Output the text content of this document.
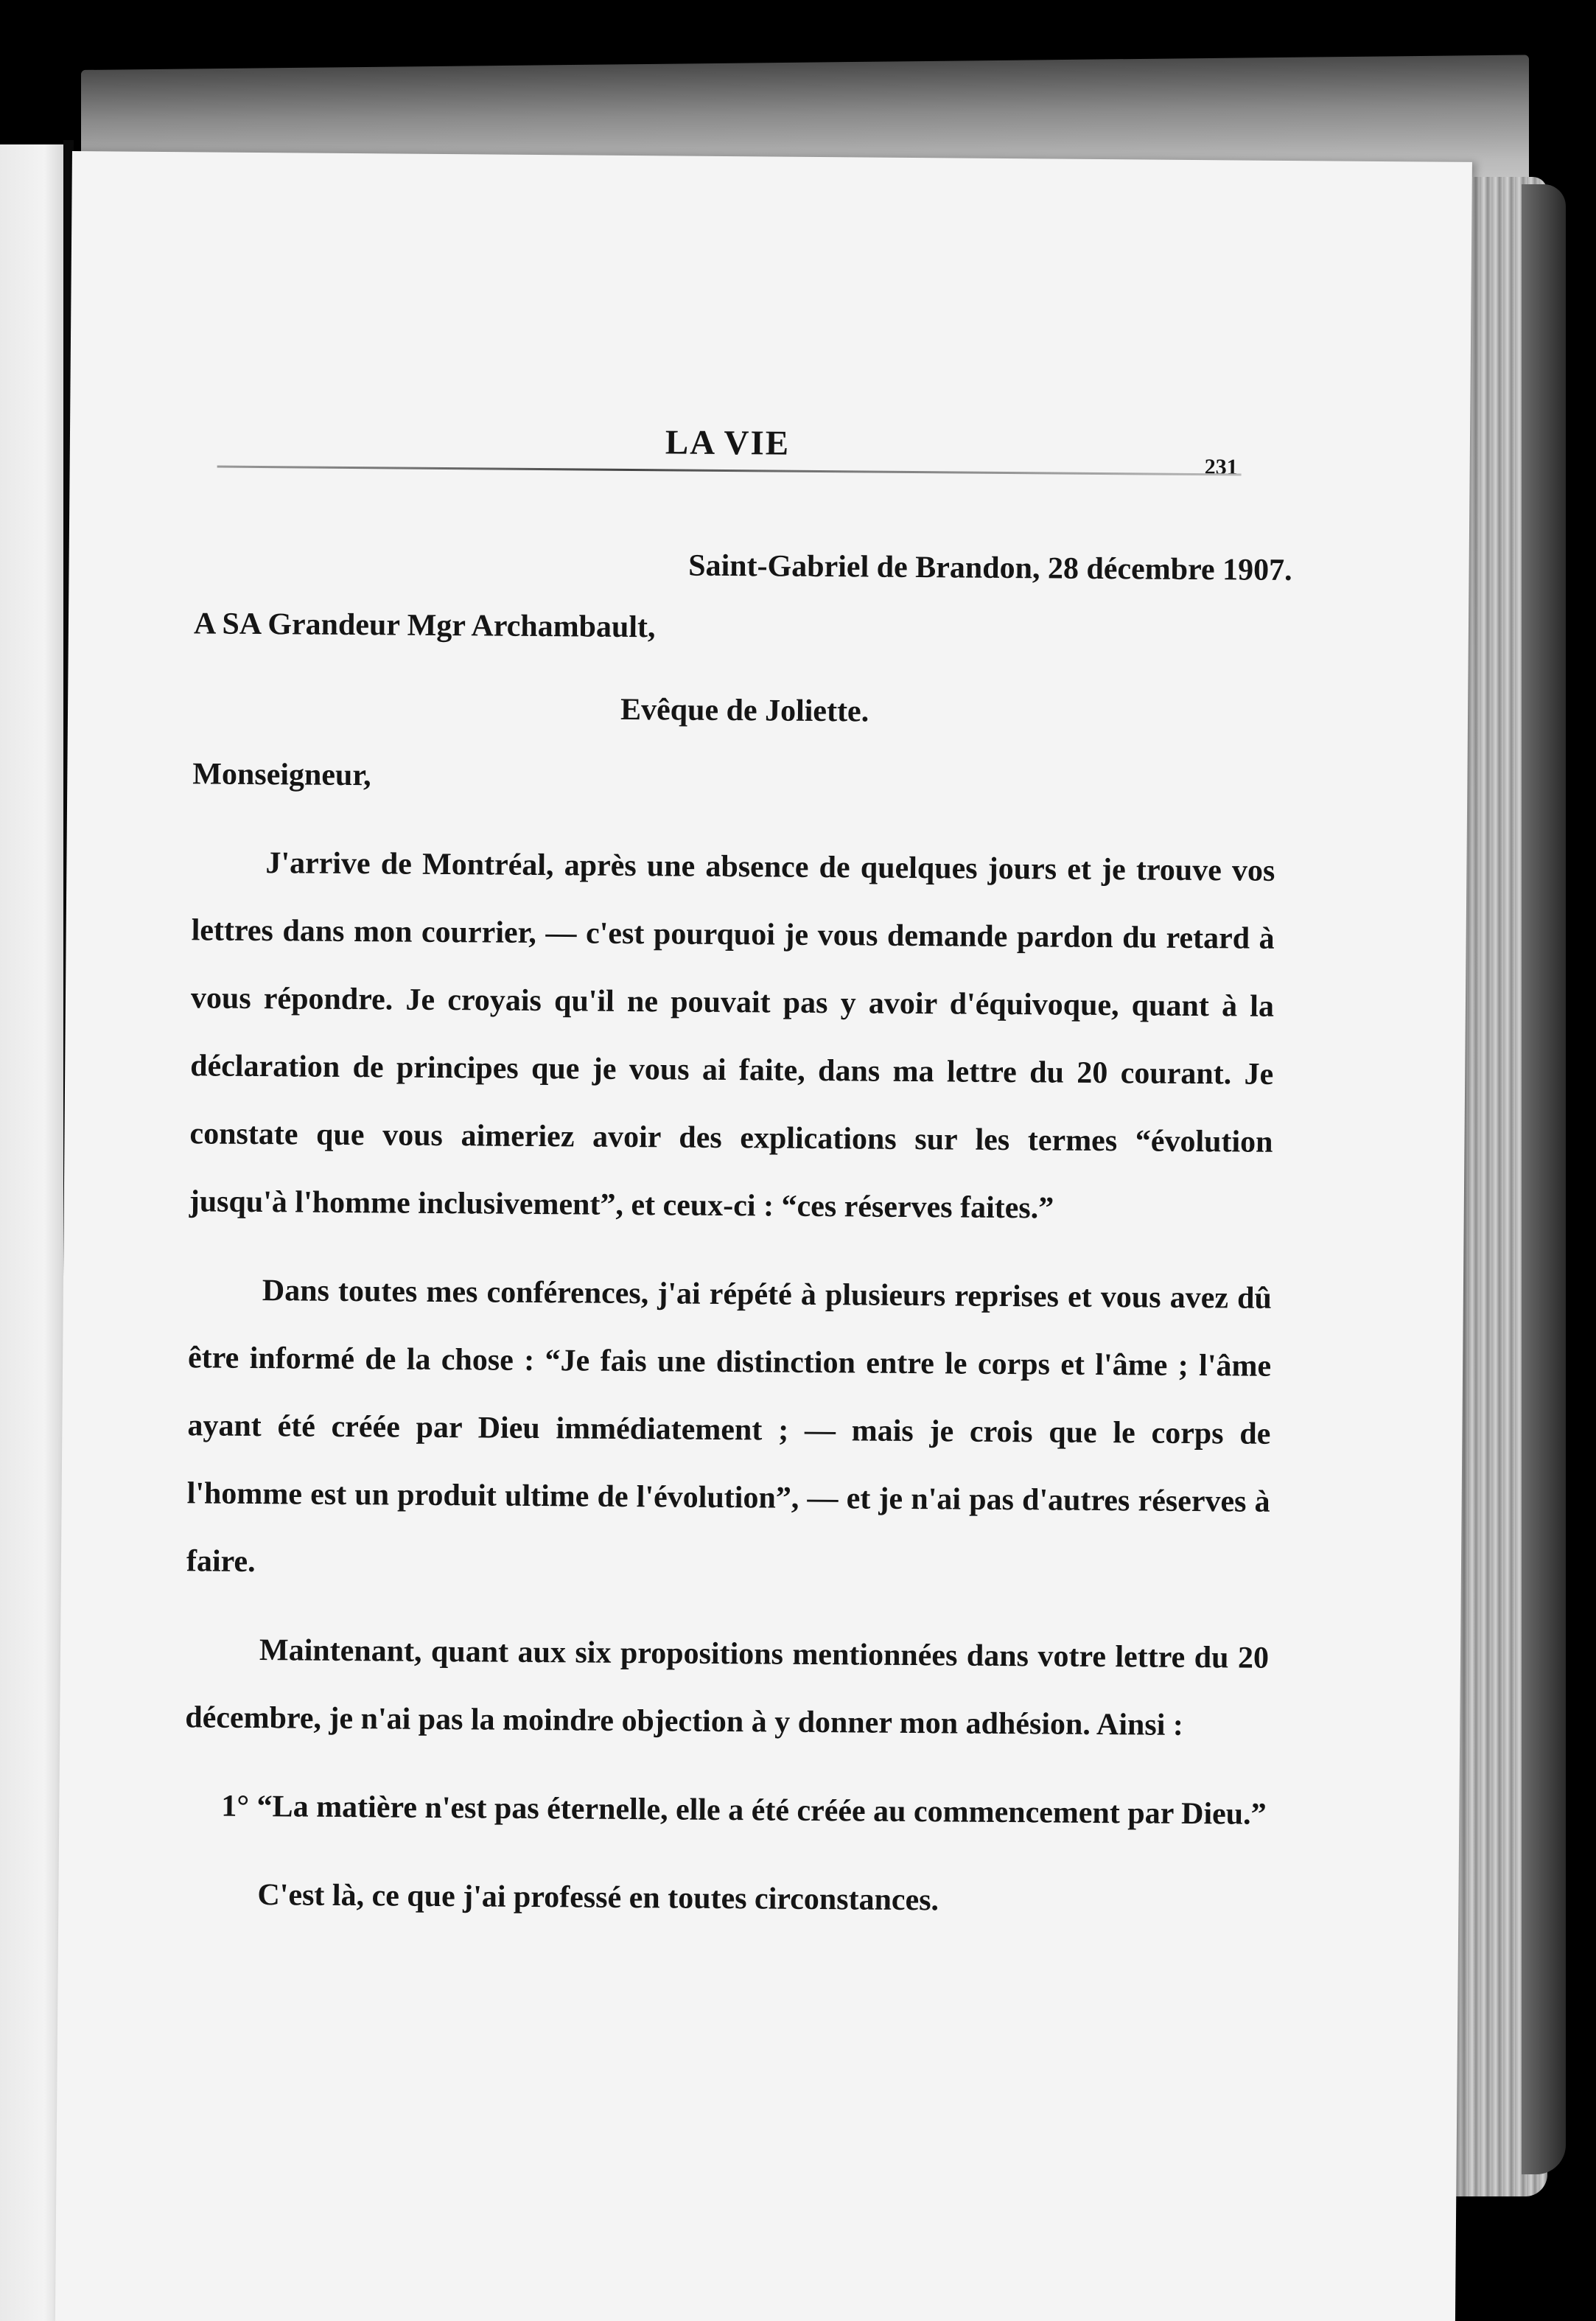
LA VIE
231
Saint-Gabriel de Brandon, 28 décembre 1907.
A SA Grandeur Mgr Archambault,
Evêque de Joliette.
Monseigneur,
J'arrive de Montréal, après une absence de quelques jours et je trouve vos lettres dans mon courrier, — c'est pourquoi je vous demande pardon du retard à vous répondre. Je croyais qu'il ne pouvait pas y avoir d'équivoque, quant à la déclaration de principes que je vous ai faite, dans ma lettre du 20 courant. Je constate que vous aimeriez avoir des explications sur les termes “évolution jusqu'à l'homme inclusivement”, et ceux-ci : “ces réserves faites.”
Dans toutes mes conférences, j'ai répété à plusieurs reprises et vous avez dû être informé de la chose : “Je fais une distinction entre le corps et l'âme ; l'âme ayant été créée par Dieu immédiatement ; — mais je crois que le corps de l'homme est un produit ultime de l'évolution”, — et je n'ai pas d'autres réserves à faire.
Maintenant, quant aux six propositions mentionnées dans votre lettre du 20 décembre, je n'ai pas la moindre objection à y donner mon adhésion. Ainsi :
1° “La matière n'est pas éternelle, elle a été créée au commencement par Dieu.”
C'est là, ce que j'ai professé en toutes circonstances.
